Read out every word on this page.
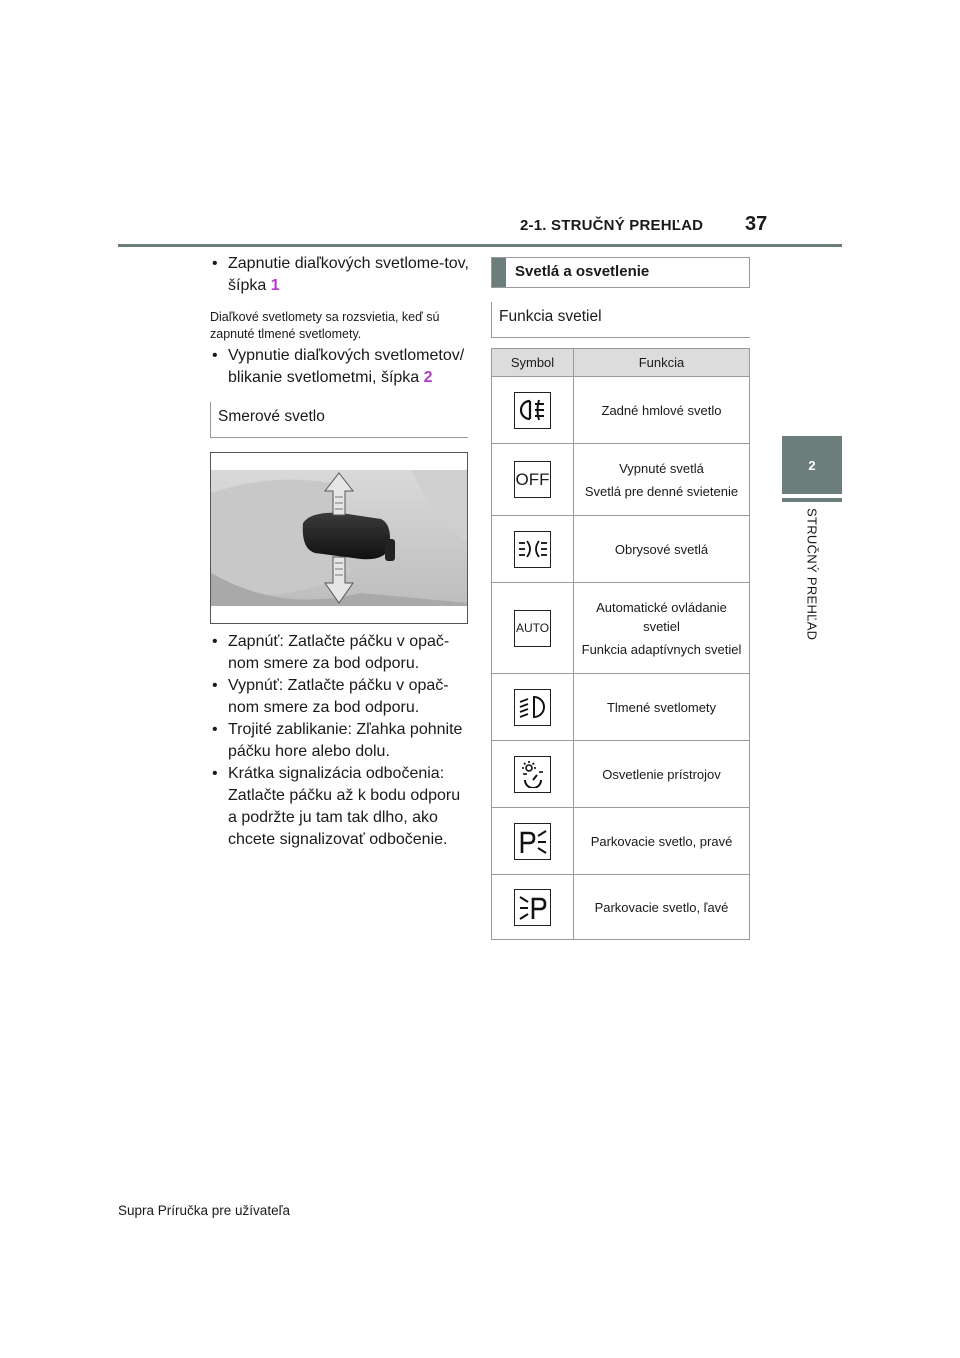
2-1. STRUČNÝ PREHĽAD 37
2
STRUČNÝ PREHĽAD

• Zapnutie diaľkových svetlome-tov, šípka 1

Diaľkové svetlomety sa rozsvietia, keď sú zapnuté tlmené svetlomety.

• Vypnutie diaľkových svetlometov/ blikanie svetlometmi, šípka 2

Smerové svetlo

• Zapnúť: Zatlačte páčku v opač-nom smere za bod odporu.

• Vypnúť: Zatlačte páčku v opač-nom smere za bod odporu.

• Trojité zablikanie: Zľahka pohnite páčku hore alebo dolu.

• Krátka signalizácia odbočenia: Zatlačte páčku až k bodu odporu a podržte ju tam tak dlho, ako chcete signalizovať odbočenie.

Svetlá a osvetlenie
Funkcia svetiel
Symbol	Funkcia
Zadné hmlové svetlo
OFF
Vypnuté svetlá
Svetlá pre denné svietenie
Obrysové svetlá
AUTO
Automatické ovládanie svetiel
Funkcia adaptívnych svetiel
Tlmené svetlomety
Osvetlenie prístrojov
Parkovacie svetlo, pravé
Parkovacie svetlo, ľavé
Supra Príručka pre užívateľa
